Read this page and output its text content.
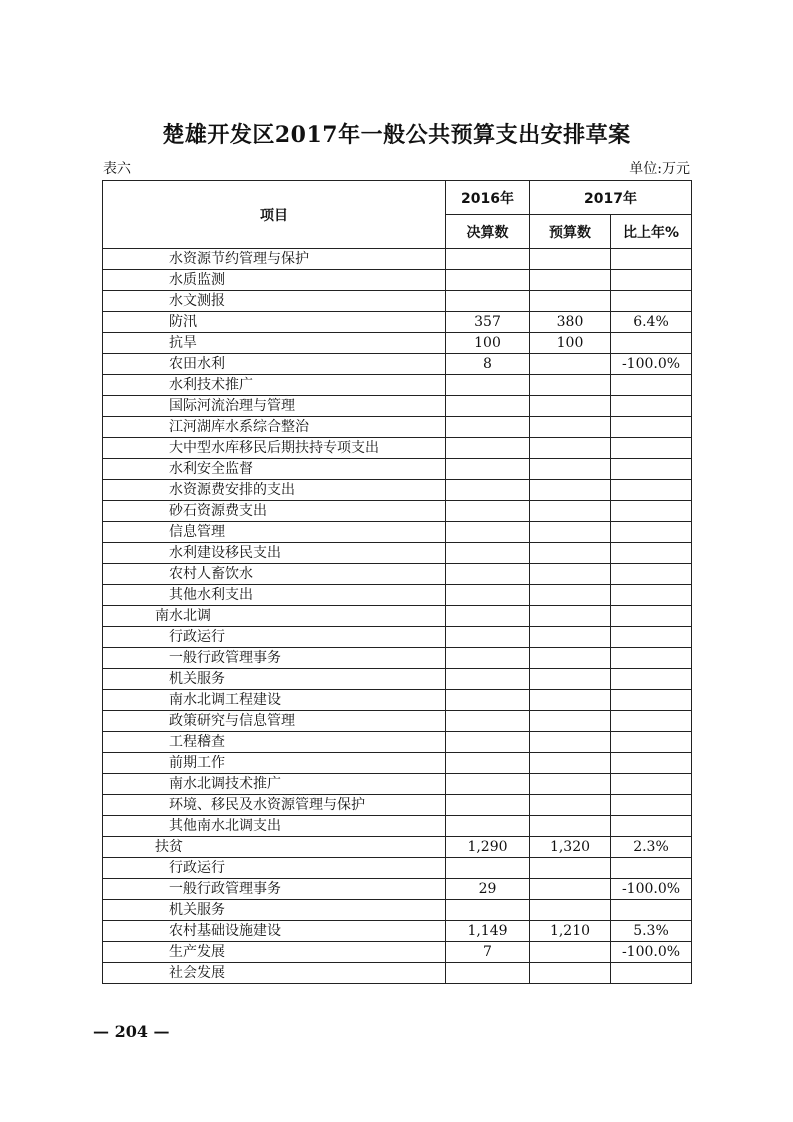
楚雄开发区2017年一般公共预算支出安排草案
表六	单位:万元
项目	2016年	2017年	
	决算数	预算数	比上年%
水资源节约管理与保护			
水质监测			
水文测报			
防汛	357	380	6.4%
抗旱	100	100	
农田水利	8		-100.0%
水利技术推广			
国际河流治理与管理			
江河湖库水系综合整治			
大中型水库移民后期扶持专项支出			
水利安全监督			
水资源费安排的支出			
砂石资源费支出			
信息管理			
水利建设移民支出			
农村人畜饮水			
其他水利支出			
南水北调			
行政运行			
一般行政管理事务			
机关服务			
南水北调工程建设			
政策研究与信息管理			
工程稽查			
前期工作			
南水北调技术推广			
环境、移民及水资源管理与保护			
其他南水北调支出			
扶贫	1,290	1,320	2.3%
行政运行			
一般行政管理事务	29		-100.0%
机关服务			
农村基础设施建设	1,149	1,210	5.3%
生产发展	7		-100.0%
社会发展			
— 204 —
